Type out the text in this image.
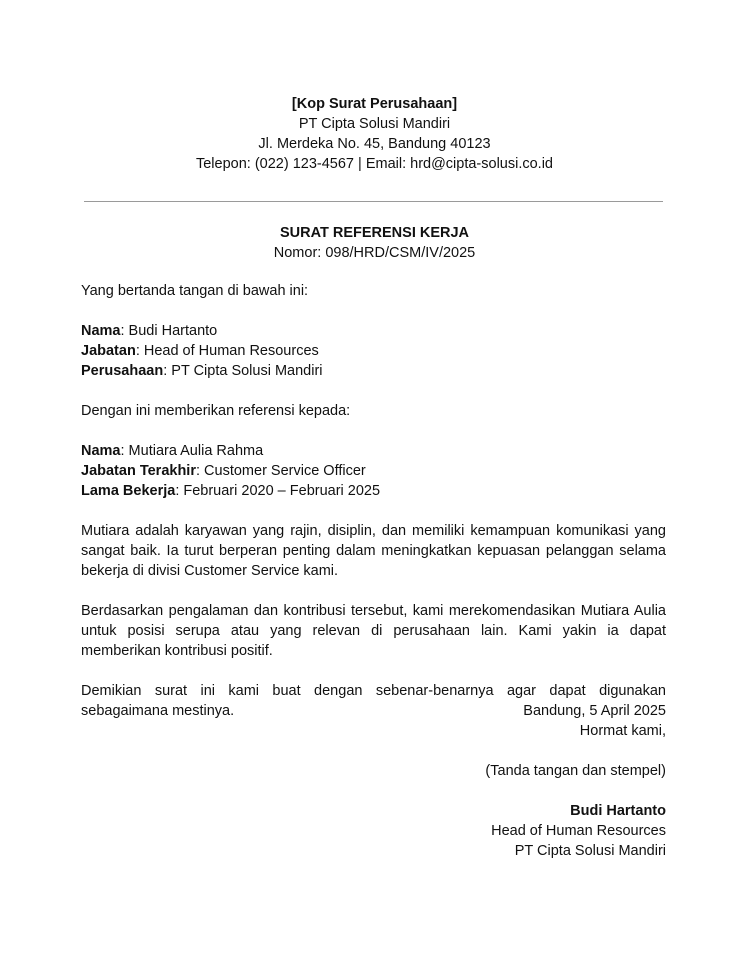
[Kop Surat Perusahaan]
PT Cipta Solusi Mandiri
Jl. Merdeka No. 45, Bandung 40123
Telepon: (022) 123-4567 | Email: hrd@cipta-solusi.co.id
SURAT REFERENSI KERJA
Nomor: 098/HRD/CSM/IV/2025

Yang bertanda tangan di bawah ini:

Nama: Budi Hartanto

Jabatan: Head of Human Resources

Perusahaan: PT Cipta Solusi Mandiri

Dengan ini memberikan referensi kepada:

Nama: Mutiara Aulia Rahma

Jabatan Terakhir: Customer Service Officer

Lama Bekerja: Februari 2020 – Februari 2025

Mutiara adalah karyawan yang rajin, disiplin, dan memiliki kemampuan komunikasi yang sangat baik. Ia turut berperan penting dalam meningkatkan kepuasan pelanggan selama bekerja di divisi Customer Service kami.

Berdasarkan pengalaman dan kontribusi tersebut, kami merekomendasikan Mutiara Aulia untuk posisi serupa atau yang relevan di perusahaan lain. Kami yakin ia dapat memberikan kontribusi positif.

Demikian surat ini kami buat dengan sebenar-benarnya agar dapat digunakan sebagaimana mestinya.	Bandung, 5 April 2025

Hormat kami,

(Tanda tangan dan stempel)

Budi Hartanto

Head of Human Resources

PT Cipta Solusi Mandiri
